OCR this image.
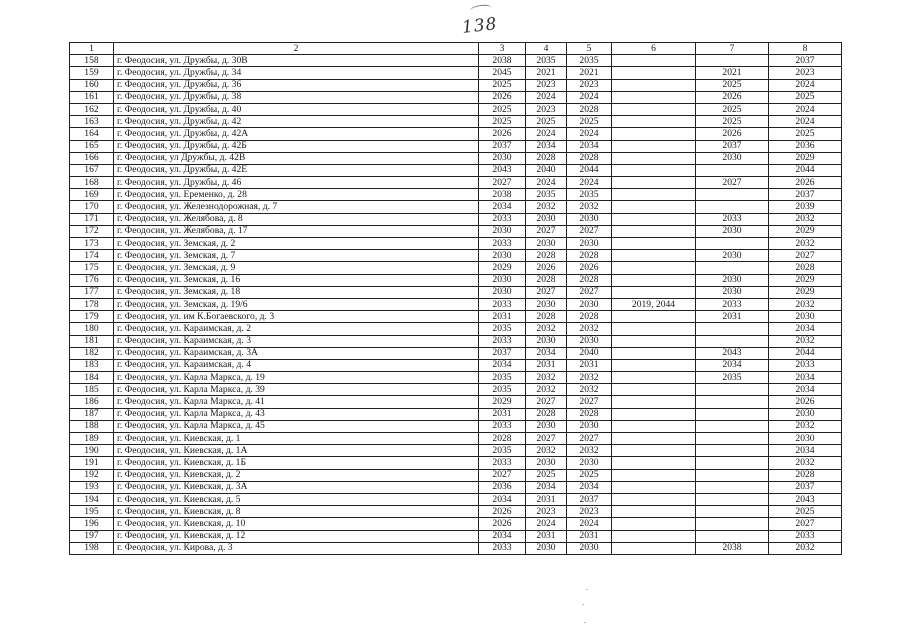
138
1	2	3	4	5	6	7	8
158	г. Феодосия, ул. Дружбы, д. 30В	2038	2035	2035			2037
159	г. Феодосия, ул. Дружбы, д. 34	2045	2021	2021		2021	2023
160	г. Феодосия, ул. Дружбы, д. 36	2025	2023	2023		2025	2024
161	г. Феодосия, ул. Дружбы, д. 38	2026	2024	2024		2026	2025
162	г. Феодосия, ул. Дружбы, д. 40	2025	2023	2028		2025	2024
163	г. Феодосия, ул. Дружбы, д. 42	2025	2025	2025		2025	2024
164	г. Феодосия, ул. Дружбы, д. 42А	2026	2024	2024		2026	2025
165	г. Феодосия, ул. Дружбы, д. 42Б	2037	2034	2034		2037	2036
166	г. Феодосия, ул Дружбы, д. 42В	2030	2028	2028		2030	2029
167	г. Феодосия, ул. Дружбы, д. 42Е	2043	2040	2044			2044
168	г. Феодосия, ул. Дружбы, д. 46	2027	2024	2024		2027	2026
169	г. Феодосия, ул. Еременко, д. 28	2038	2035	2035			2037
170	г. Феодосия, ул. Железнодорожная, д. 7	2034	2032	2032			2039
171	г. Феодосия, ул. Желябова, д. 8	2033	2030	2030		2033	2032
172	г. Феодосия, ул. Желябова, д. 17	2030	2027	2027		2030	2029
173	г. Феодосия, ул. Земская, д. 2	2033	2030	2030			2032
174	г. Феодосия, ул. Земская, д. 7	2030	2028	2028		2030	2027
175	г. Феодосия, ул. Земская, д. 9	2029	2026	2026			2028
176	г. Феодосия, ул. Земская, д. 16	2030	2028	2028		2030	2029
177	г. Феодосия, ул. Земская, д. 18	2030	2027	2027		2030	2029
178	г. Феодосия, ул. Земская, д. 19/6	2033	2030	2030	2019, 2044	2033	2032
179	г. Феодосия, ул. им К.Богаевского, д. 3	2031	2028	2028		2031	2030
180	г. Феодосия, ул. Караимская, д. 2	2035	2032	2032			2034
181	г. Феодосия, ул. Караимская, д. 3	2033	2030	2030			2032
182	г. Феодосия, ул. Караимская, д. 3А	2037	2034	2040		2043	2044
183	г. Феодосия, ул. Караимская, д. 4	2034	2031	2031		2034	2033
184	г. Феодосия, ул. Карла Маркса, д. 19	2035	2032	2032		2035	2034
185	г. Феодосия, ул. Карла Маркса, д. 39	2035	2032	2032			2034
186	г. Феодосия, ул. Карла Маркса, д. 41	2029	2027	2027			2026
187	г. Феодосия, ул. Карла Маркса, д. 43	2031	2028	2028			2030
188	г. Феодосия, ул. Карла Маркса, д. 45	2033	2030	2030			2032
189	г. Феодосия, ул. Киевская, д. 1	2028	2027	2027			2030
190	г. Феодосия, ул. Киевская, д. 1А	2035	2032	2032			2034
191	г. Феодосия, ул. Киевская, д. 1Б	2033	2030	2030			2032
192	г. Феодосия, ул. Киевская, д. 2	2027	2025	2025			2028
193	г. Феодосия, ул. Киевская, д. 3А	2036	2034	2034			2037
194	г. Феодосия, ул. Киевская, д. 5	2034	2031	2037			2043
195	г. Феодосия, ул. Киевская, д. 8	2026	2023	2023			2025
196	г. Феодосия, ул. Киевская, д. 10	2026	2024	2024			2027
197	г. Феодосия, ул. Киевская, д. 12	2034	2031	2031			2033
198	г. Феодосия, ул. Кирова, д. 3	2033	2030	2030		2038	2032
